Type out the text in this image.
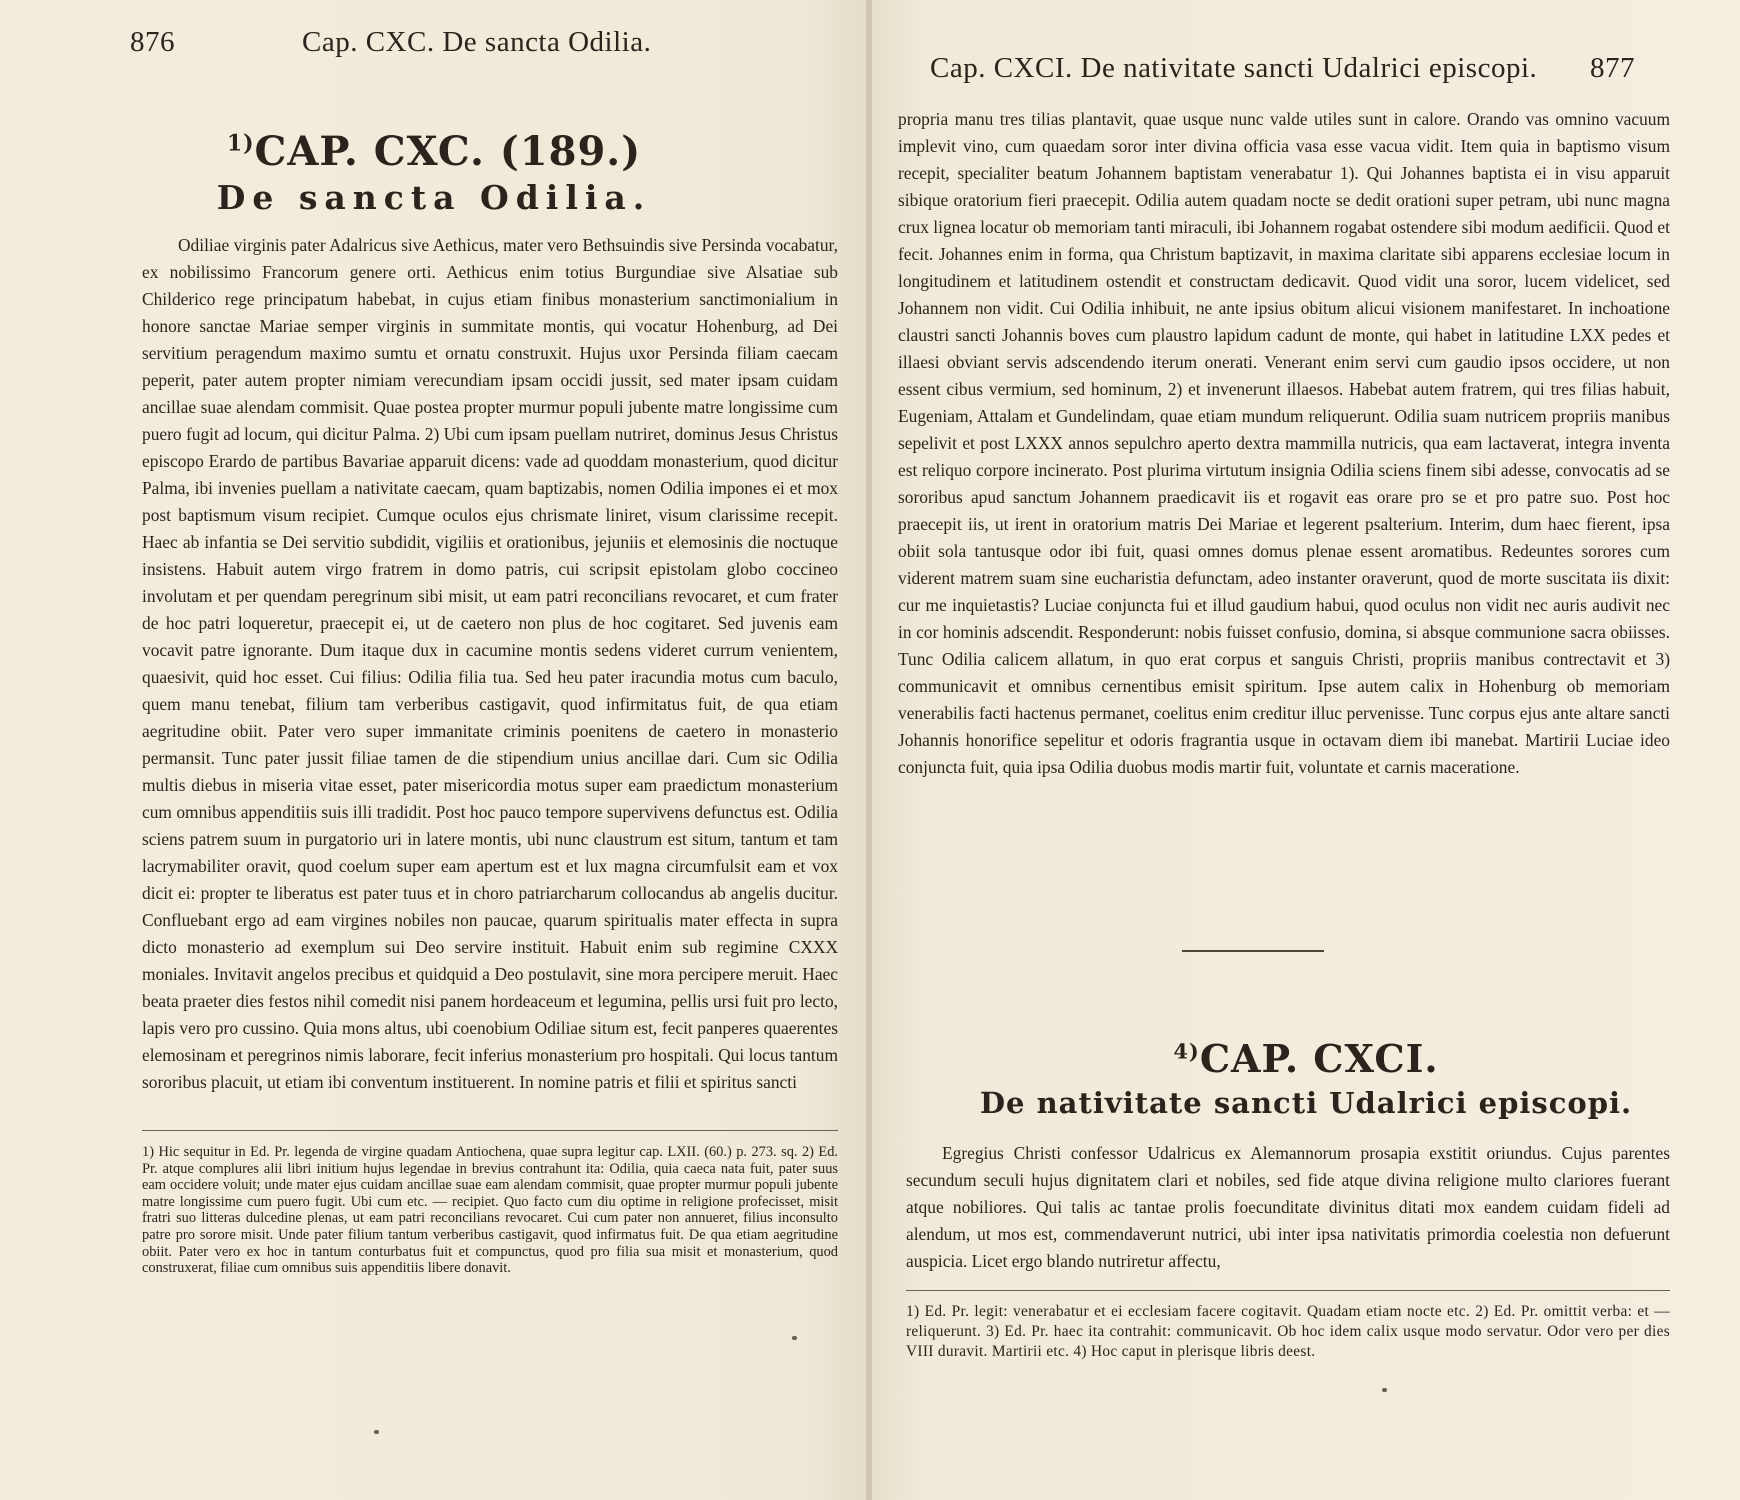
876	Cap. CXC. De sancta Odilia.
$^{1)}$CAP. CXC. (189.)
De sancta Odilia.

Odiliae virginis pater Adalricus sive Aethicus, mater vero Bethsuindis sive Persinda vocabatur, ex nobilissimo Francorum genere orti. Aethicus enim totius Burgundiae sive Alsatiae sub Childerico rege principatum habebat, in cujus etiam finibus monasterium sanctimonialium in honore sanctae Mariae semper virginis in summitate montis, qui vocatur Hohenburg, ad Dei servitium peragendum maximo sumtu et ornatu construxit. Hujus uxor Persinda filiam caecam peperit, pater autem propter nimiam verecundiam ipsam occidi jussit, sed mater ipsam cuidam ancillae suae alendam commisit. Quae postea propter murmur populi jubente matre longissime cum puero fugit ad locum, qui dicitur Palma. 2) Ubi cum ipsam puellam nutriret, dominus Jesus Christus episcopo Erardo de partibus Bavariae apparuit dicens: vade ad quoddam monasterium, quod dicitur Palma, ibi invenies puellam a nativitate caecam, quam baptizabis, nomen Odilia impones ei et mox post baptismum visum recipiet. Cumque oculos ejus chrismate liniret, visum clarissime recepit. Haec ab infantia se Dei servitio subdidit, vigiliis et orationibus, jejuniis et elemosinis die noctuque insistens. Habuit autem virgo fratrem in domo patris, cui scripsit epistolam globo coccineo involutam et per quendam peregrinum sibi misit, ut eam patri reconcilians revocaret, et cum frater de hoc patri loqueretur, praecepit ei, ut de caetero non plus de hoc cogitaret. Sed juvenis eam vocavit patre ignorante. Dum itaque dux in cacumine montis sedens videret currum venientem, quaesivit, quid hoc esset. Cui filius: Odilia filia tua. Sed heu pater iracundia motus cum baculo, quem manu tenebat, filium tam verberibus castigavit, quod infirmitatus fuit, de qua etiam aegritudine obiit. Pater vero super immanitate criminis poenitens de caetero in monasterio permansit. Tunc pater jussit filiae tamen de die stipendium unius ancillae dari. Cum sic Odilia multis diebus in miseria vitae esset, pater misericordia motus super eam praedictum monasterium cum omnibus appenditiis suis illi tradidit. Post hoc pauco tempore supervivens defunctus est. Odilia sciens patrem suum in purgatorio uri in latere montis, ubi nunc claustrum est situm, tantum et tam lacrymabiliter oravit, quod coelum super eam apertum est et lux magna circumfulsit eam et vox dicit ei: propter te liberatus est pater tuus et in choro patriarcharum collocandus ab angelis ducitur. Confluebant ergo ad eam virgines nobiles non paucae, quarum spiritualis mater effecta in supra dicto monasterio ad exemplum sui Deo servire instituit. Habuit enim sub regimine CXXX moniales. Invitavit angelos precibus et quidquid a Deo postulavit, sine mora percipere meruit. Haec beata praeter dies festos nihil comedit nisi panem hordeaceum et legumina, pellis ursi fuit pro lecto, lapis vero pro cussino. Quia mons altus, ubi coenobium Odiliae situm est, fecit panperes quaerentes elemosinam et peregrinos nimis laborare, fecit inferius monasterium pro hospitali. Qui locus tantum sororibus placuit, ut etiam ibi conventum instituerent. In nomine patris et filii et spiritus sancti

1) Hic sequitur in Ed. Pr. legenda de virgine quadam Antiochena, quae supra legitur cap. LXII. (60.) p. 273. sq. 2) Ed. Pr. atque complures alii libri initium hujus legendae in brevius contrahunt ita: Odilia, quia caeca nata fuit, pater suus eam occidere voluit; unde mater ejus cuidam ancillae suae eam alendam commisit, quae propter murmur populi jubente matre longissime cum puero fugit. Ubi cum etc. — recipiet. Quo facto cum diu optime in religione profecisset, misit fratri suo litteras dulcedine plenas, ut eam patri reconcilians revocaret. Cui cum pater non annueret, filius inconsulto patre pro sorore misit. Unde pater filium tantum verberibus castigavit, quod infirmatus fuit. De qua etiam aegritudine obiit. Pater vero ex hoc in tantum conturbatus fuit et compunctus, quod pro filia sua misit et monasterium, quod construxerat, filiae cum omnibus suis appenditiis libere donavit.

Cap. CXCI. De nativitate sancti Udalrici episcopi. 877

propria manu tres tilias plantavit, quae usque nunc valde utiles sunt in calore. Orando vas omnino vacuum implevit vino, cum quaedam soror inter divina officia vasa esse vacua vidit. Item quia in baptismo visum recepit, specialiter beatum Johannem baptistam venerabatur 1). Qui Johannes baptista ei in visu apparuit sibique oratorium fieri praecepit. Odilia autem quadam nocte se dedit orationi super petram, ubi nunc magna crux lignea locatur ob memoriam tanti miraculi, ibi Johannem rogabat ostendere sibi modum aedificii. Quod et fecit. Johannes enim in forma, qua Christum baptizavit, in maxima claritate sibi apparens ecclesiae locum in longitudinem et latitudinem ostendit et constructam dedicavit. Quod vidit una soror, lucem videlicet, sed Johannem non vidit. Cui Odilia inhibuit, ne ante ipsius obitum alicui visionem manifestaret. In inchoatione claustri sancti Johannis boves cum plaustro lapidum cadunt de monte, qui habet in latitudine LXX pedes et illaesi obviant servis adscendendo iterum onerati. Venerant enim servi cum gaudio ipsos occidere, ut non essent cibus vermium, sed hominum, 2) et invenerunt illaesos. Habebat autem fratrem, qui tres filias habuit, Eugeniam, Attalam et Gundelindam, quae etiam mundum reliquerunt. Odilia suam nutricem propriis manibus sepelivit et post LXXX annos sepulchro aperto dextra mammilla nutricis, qua eam lactaverat, integra inventa est reliquo corpore incinerato. Post plurima virtutum insignia Odilia sciens finem sibi adesse, convocatis ad se sororibus apud sanctum Johannem praedicavit iis et rogavit eas orare pro se et pro patre suo. Post hoc praecepit iis, ut irent in oratorium matris Dei Mariae et legerent psalterium. Interim, dum haec fierent, ipsa obiit sola tantusque odor ibi fuit, quasi omnes domus plenae essent aromatibus. Redeuntes sorores cum viderent matrem suam sine eucharistia defunctam, adeo instanter oraverunt, quod de morte suscitata iis dixit: cur me inquietastis? Luciae conjuncta fui et illud gaudium habui, quod oculus non vidit nec auris audivit nec in cor hominis adscendit. Responderunt: nobis fuisset confusio, domina, si absque communione sacra obiisses. Tunc Odilia calicem allatum, in quo erat corpus et sanguis Christi, propriis manibus contrectavit et 3) communicavit et omnibus cernentibus emisit spiritum. Ipse autem calix in Hohenburg ob memoriam venerabilis facti hactenus permanet, coelitus enim creditur illuc pervenisse. Tunc corpus ejus ante altare sancti Johannis honorifice sepelitur et odoris fragrantia usque in octavam diem ibi manebat. Martirii Luciae ideo conjuncta fuit, quia ipsa Odilia duobus modis martir fuit, voluntate et carnis maceratione.

$^{4)}$CAP. CXCI.
De nativitate sancti Udalrici episcopi.

Egregius Christi confessor Udalricus ex Alemannorum prosapia exstitit oriundus. Cujus parentes secundum seculi hujus dignitatem clari et nobiles, sed fide atque divina religione multo clariores fuerant atque nobiliores. Qui talis ac tantae prolis foecunditate divinitus ditati mox eandem cuidam fideli ad alendum, ut mos est, commendaverunt nutrici, ubi inter ipsa nativitatis primordia coelestia non defuerunt auspicia. Licet ergo blando nutriretur affectu,

1) Ed. Pr. legit: venerabatur et ei ecclesiam facere cogitavit. Quadam etiam nocte etc. 2) Ed. Pr. omittit verba: et — reliquerunt. 3) Ed. Pr. haec ita contrahit: communicavit. Ob hoc idem calix usque modo servatur. Odor vero per dies VIII duravit. Martirii etc. 4) Hoc caput in plerisque libris deest.
